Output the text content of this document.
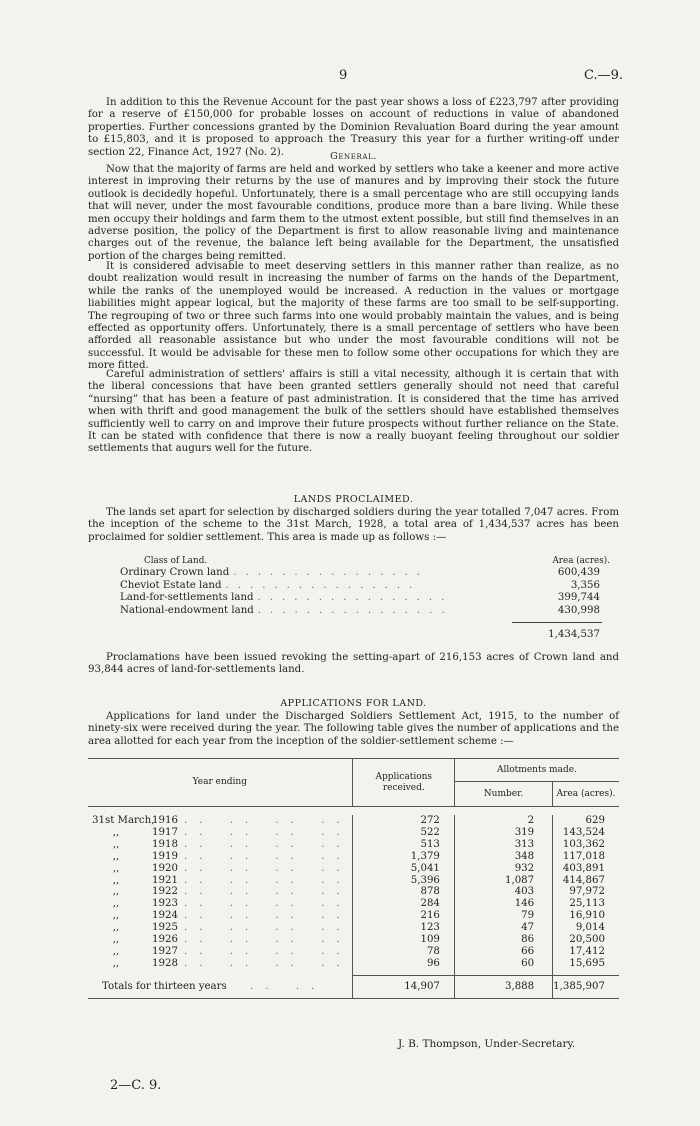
9	C.—9.

In addition to this the Revenue Account for the past year shows a loss of £223,797 after providing for a reserve of £150,000 for probable losses on account of reductions in value of abandoned properties. Further concessions granted by the Dominion Revaluation Board during the year amount to £15,803, and it is proposed to approach the Treasury this year for a further writing-off under section 22, Finance Act, 1927 (No. 2).	General.

Now that the majority of farms are held and worked by settlers who take a keener and more active interest in improving their returns by the use of manures and by improving their stock the future outlook is decidedly hopeful. Unfortunately, there is a small percentage who are still occupying lands that will never, under the most favourable conditions, produce more than a bare living. While these men occupy their holdings and farm them to the utmost extent possible, but still find themselves in an adverse position, the policy of the Department is first to allow reasonable living and maintenance charges out of the revenue, the balance left being available for the Department, the unsatisfied portion of the charges being remitted.

It is considered advisable to meet deserving settlers in this manner rather than realize, as no doubt realization would result in increasing the number of farms on the hands of the Department, while the ranks of the unemployed would be increased. A reduction in the values or mortgage liabilities might appear logical, but the majority of these farms are too small to be self-supporting. The regrouping of two or three such farms into one would probably maintain the values, and is being effected as opportunity offers. Unfortunately, there is a small percentage of settlers who have been afforded all reasonable assistance but who under the most favourable conditions will not be successful. It would be advisable for these men to follow some other occupations for which they are more fitted.

Careful administration of settlers' affairs is still a vital necessity, although it is certain that with the liberal concessions that have been granted settlers generally should not need that careful “nursing” that has been a feature of past administration. It is considered that the time has arrived when with thrift and good management the bulk of the settlers should have established themselves sufficiently well to carry on and improve their future prospects without further reliance on the State. It can be stated with confidence that there is now a really buoyant feeling throughout our soldier settlements that augurs well for the future.

LANDS PROCLAIMED.

The lands set apart for selection by discharged soldiers during the year totalled 7,047 acres. From the inception of the scheme to the 31st March, 1928, a total area of 1,434,537 acres has been proclaimed for soldier settlement. This area is made up as follows :—

Class of Land.	Area (acres).
Ordinary Crown land ................	600,439
Cheviot Estate land ................	3,356
Land-for-settlements land ................	399,744
National-endowment land ................	430,998
1,434,537

Proclamations have been issued revoking the setting-apart of 216,153 acres of Crown land and 93,844 acres of land-for-settlements land.

APPLICATIONS FOR LAND.

Applications for land under the Discharged Soldiers Settlement Act, 1915, to the number of ninety-six were received during the year. The following table gives the number of applications and the area allotted for each year from the inception of the soldier-settlement scheme :—

Year ending	Applications received.	Allotments made.	
		Number.	Area (acres).

31st March,1916 .. .. .. ..	272	2	629
,, 1917 .. .. .. ..	522	319	143,524
,, 1918 .. .. .. ..	513	313	103,362
,, 1919 .. .. .. ..	1,379	348	117,018
,, 1920 .. .. .. ..	5,041	932	403,891
,, 1921 .. .. .. ..	5,396	1,087	414,867
,, 1922 .. .. .. ..	878	403	97,972
,, 1923 .. .. .. ..	284	146	25,113
,, 1924 .. .. .. ..	216	79	16,910
,, 1925 .. .. .. ..	123	47	9,014
,, 1926 .. .. .. ..	109	86	20,500
,, 1927 .. .. .. ..	78	66	17,412
,, 1928 .. .. .. ..	96	60	15,695

Totals for thirteen years .. ..	14,907	3,888	1,385,907
J. B. Thompson, Under-Secretary.
2—C. 9.
